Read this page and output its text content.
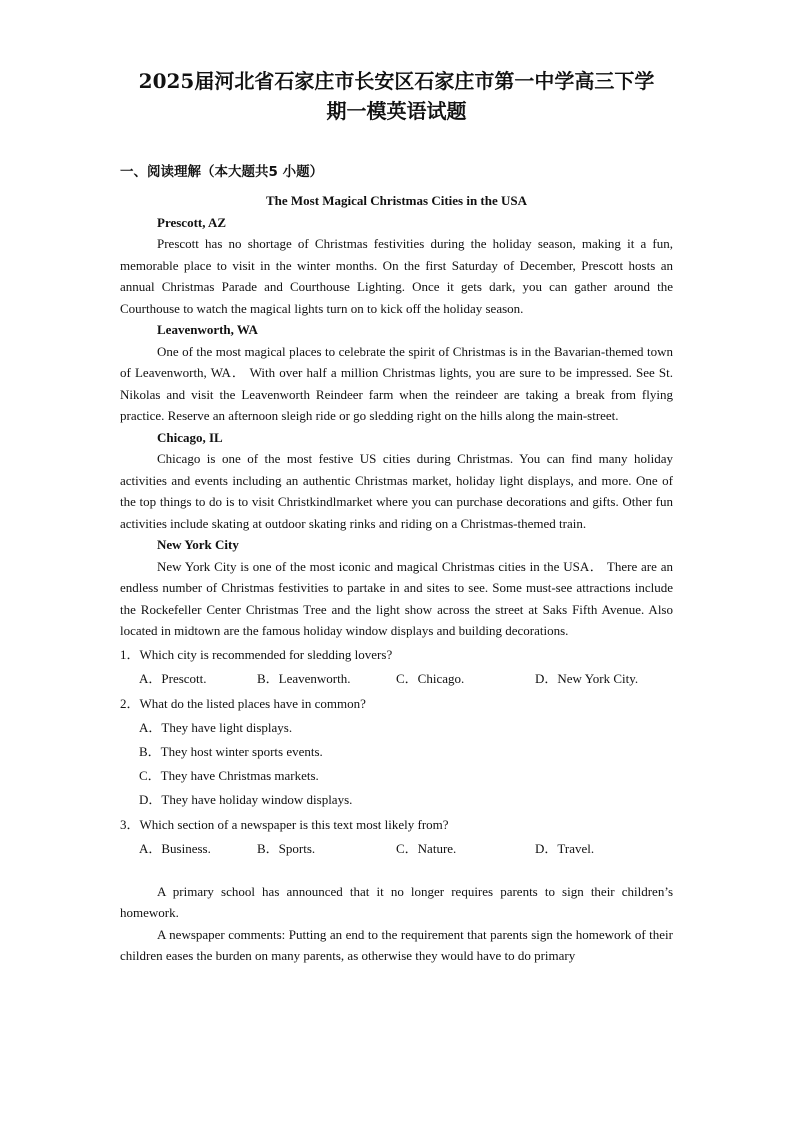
2025届河北省石家庄市长安区石家庄市第一中学高三下学
期一模英语试题
一、阅读理解（本大题共5 小题）
The Most Magical Christmas Cities in the USA
Prescott, AZ

Prescott has no shortage of Christmas festivities during the holiday season, making it a fun, memorable place to visit in the winter months. On the first Saturday of December, Prescott hosts an annual Christmas Parade and Courthouse Lighting. Once it gets dark, you can gather around the Courthouse to watch the magical lights turn on to kick off the holiday season.

Leavenworth, WA

One of the most magical places to celebrate the spirit of Christmas is in the Bavarian-themed town of Leavenworth, WA． With over half a million Christmas lights, you are sure to be impressed. See St. Nikolas and visit the Leavenworth Reindeer farm when the reindeer are taking a break from flying practice. Reserve an afternoon sleigh ride or go sledding right on the hills along the main-street.

Chicago, IL

Chicago is one of the most festive US cities during Christmas. You can find many holiday activities and events including an authentic Christmas market, holiday light displays, and more. One of the top things to do is to visit Christkindlmarket where you can purchase decorations and gifts. Other fun activities include skating at outdoor skating rinks and riding on a Christmas-themed train.

New York City

New York City is one of the most iconic and magical Christmas cities in the USA． There are an endless number of Christmas festivities to partake in and sites to see. Some must-see attractions include the Rockefeller Center Christmas Tree and the light show across the street at Saks Fifth Avenue. Also located in midtown are the famous holiday window displays and building decorations.

1．Which city is recommended for sledding lovers?
A．Prescott.	B．Leavenworth.	C．Chicago.	D．New York City.
2．What do the listed places have in common?
A．They have light displays.
B．They host winter sports events.
C．They have Christmas markets.
D．They have holiday window displays.
3．Which section of a newspaper is this text most likely from?
A．Business.	B．Sports.	C．Nature.	D．Travel.

A primary school has announced that it no longer requires parents to sign their children’s homework.

A newspaper comments: Putting an end to the requirement that parents sign the homework of their children eases the burden on many parents, as otherwise they would have to do primary
